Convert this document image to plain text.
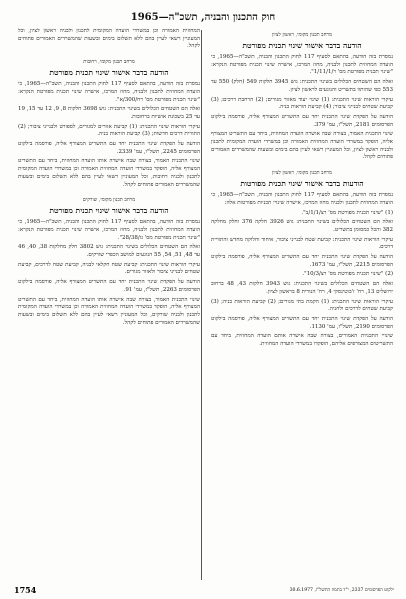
חוק התכנון והבניה, תשכ"ה—1965
מרחב תכנון מקומי, ראשון לציון
הודעה בדבר אישור שינוי תכנית מפורטת

נמסרת בזה הודעה, בהתאם לסעיף 117 לחוק התכנון והבניה, תשכ"ה—1965, כי הועדה המחוזית לתכנון ולבניה, מחוז המרכז, אישרה שינוי תכנית מפורטת הנקרא: "שינוי תכנית מפורטת מס' ר/1/11/1".

ואלה הם השטחים הכלולים בשינוי התכנית: גוש 3945 חלקות 549 (חלק) 550 עד 553 כפי שהותוו בתשריט והנוגעים לראשון לציון.

עיקרי הוראות שינוי התכנית: (1) שינוי יעוד מאזור מגורים; (2) הרחבת דרכים; (3) קביעת שטחים לבנייני ציבור; (4) קביעת הוראות בניה.

הודעה על הפקדת שינוי התכנית יחד עם התשריט המצורף אליה, פורסמה בילקוט הפרסומים 2181, תשל"ו, עמ' 379.

שינוי התכנית האמור, בצורה שבה אושרה הועדה המחוזית, ביחד עם התשריט המצורף אליה, הופקד במשרדי הועדה המחוזית האמורה וכן במשרדי הועדה המקומית לתכנון ולבניה ראשון לציון, וכל המעוניין רשאי לעיין בהם בימים ובשעות שהמשרדים האמורים פתוחים לקהל.

מרחב תכנון מקומי, ראשון לציון
הודעות בדבר אישור שינוי תכנית מפורטות

נמסרת בזה הודעה, בהתאם לסעיף 117 לחוק התכנון והבניה, תשכ"ה—1965, כי הועדה המחוזית לתכנון ולבניה מחוז המרכז, אישרה שינויי תכניות מפורטות אלה:

(1) "שינוי תכנית מפורטת מס' רצ/1/1/ב".

ואלה הם השטחים הכלולים בשינוי התכנית: גוש 3926 חלקה 376 וחלק מחלקה 382 והכל כמסומן בתשריט.

עיקרי הוראות שינוי התכנית: קביעת שטח לבנייני ציבור, איחוד וחלוקה מחדש והתוויית דרכים.

הודעה על הפקדת שינוי התכנית יחד עם התשריט המצורף אליה, פורסמה בילקוט הפרסומים 2215, תשל"ו, עמ' 1673.

(2) "שינוי תכנית מפורטת מס' רצ/10/3".

ואלה הם השטחים הכלולים בשינוי התכנית: גוש 3943 חלקות 43, 48 ברחוב ירושלים 13, רח' ז'בוטינסקי 4, רח' הנורית 8 בראשון לציון.

עיקרי הוראות שינוי התכנית: (1) הקמת בתי מגורים; (2) קביעת הוראות בניה; (3) קביעת שטחים לדרכים ולחניה.

הודעה על הפקדת שינוי התכנית יחד עם התשריט המצורף אליה, פורסמה בילקוט הפרסומים 2190, תשל"ו, עמ' 1130.

שינויי התכניות האמורים, בצורה שבה אישרה אותם הועדה המחוזית, ביחד עם התשריטים המצורפים אליהם, הופקדו במשרדי הועדה המחוזית.

המחוזית האמורה וכן במשרדי הועדה המקומית לתכנון ולבניה ראשון לציון, וכל המעוניין רשאי לעיין בהם ללא תשלום בימים ובשעות שהמשרדים האמורים פתוחים לקהל.

מרחב תכנון מקומי, רחובות
הודעה בדבר אישור שינוי תכנית מפורטת

נמסרת בזה הודעה, בהתאם לסעיף 117 לחוק התכנון והבניה, תשכ"ה—1965, כי הועדה המחוזית לתכנון ולבניה, מחוז המרכז, אישרה שינוי תכנית מפורטת הנקרא: "שינוי תכנית מפורטת מס' רח/300/א".

ואלה הם השטחים הכלולים בשינוי התכנית: גוש 3698 חלקות 8, 9, 12 עד 15, 19 עד 25 בשכונת אושיות ברחובות.

עיקרי הוראות שינוי התכנית: (1) קביעת אזורים למגורים, לספורט ולבנייני ציבור; (2) התוויית דרכים חדשות; (3) קביעת הוראות בניה.

הודעה על הפקדת שינוי התכנית יחד עם התשריט המצורף אליה, פורסמה בילקוט הפרסומים 2245, תשל"ו, עמ' 2339.

שינוי התכנית האמור, בצורה שבה אישרה אותו הועדה המחוזית, ביחד עם התשריט המצורף אליה, הופקד במשרדי הועדה המחוזית האמורה וכן במשרדי הועדה המקומית לתכנון ולבניה רחובות, וכל המעוניין רשאי לעיין בהם ללא תשלום בימים ובשעות שהמשרדים האמורים פתוחים לקהל.

מרחב תכנון מקומי, שורקים
הודעה בדבר אישור שינוי תכנית מפורטת

נמסרת בזה הודעה, בהתאם לסעיף 117 לחוק התכנון והבניה, תשכ"ה—1965, כי הועדה המחוזית לתכנון ולבניה, מחוז המרכז, אישרה שינוי תכנית מפורטת הנקרא: "שינוי תכנית מפורטת מס' גז/28/38".

ואלה הם השטחים הכלולים בשינוי התכנית: גוש 3802 חלק מחלקות 38, 40, 46 עד 48, 51, 54, 55 הנוגעים למושב הכפרי שורקים.

עיקרי הוראות שינוי התכנית: קביעת שטח חקלאי לבניה, קביעת שטח לדרכים, קביעת שטחים לבנייני ציבור ולאזור מגורים.

הודעה על הפקדת שינוי התכנית יחד עם התשריט המצורף אליה, פורסמה בילקוט הפרסומים 2263, תשל"ז, עמ' 91.

שינוי התכנית האמור, בצורה שבה אישרה אותו הועדה המחוזית, ביחד עם התשריט המצורף אליה, הופקד במשרדי הועדה המחוזית האמורה וכן במשרדי הועדה המקומית לתכנון ולבניה שורקים, וכל המעוניין רשאי לעיין בהם ללא תשלום בימים ובשעות שהמשרדים האמורים פתוחים לקהל.

1754	ילקוט הפרסומים 2337, י"ד בתמוז התשל"ז, 30.6.1977
